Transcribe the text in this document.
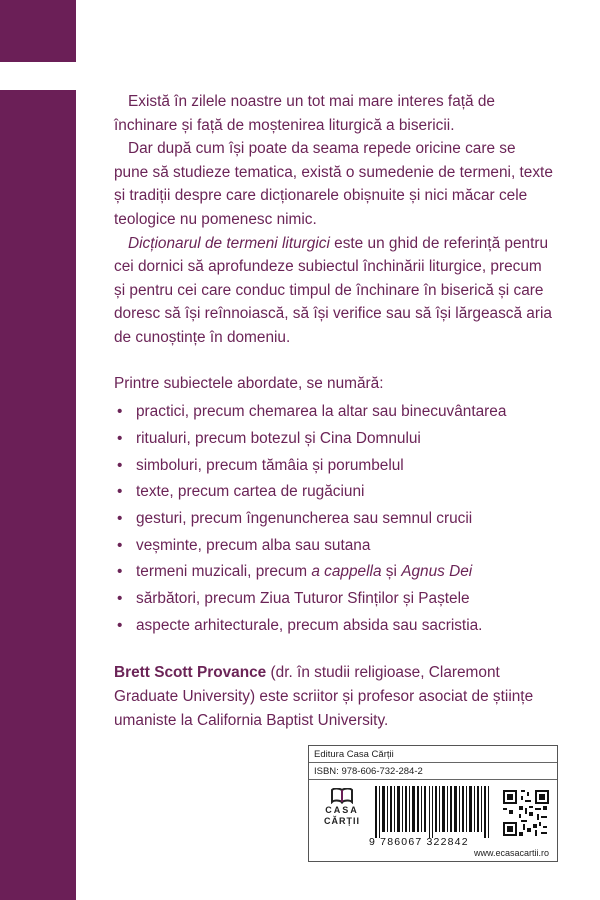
Există în zilele noastre un tot mai mare interes față de închinare și față de moștenirea liturgică a bisericii.

Dar după cum își poate da seama repede oricine care se pune să studieze tematica, există o sumedenie de termeni, texte și tradiții despre care dicționarele obișnuite și nici măcar cele teologice nu pomenesc nimic.

Dicționarul de termeni liturgici este un ghid de referință pentru cei dornici să aprofundeze subiectul închinării liturgice, precum și pentru cei care conduc timpul de închinare în biserică și care doresc să își reînnoiască, să își verifice sau să își lărgească aria de cunoștințe în domeniu.

Printre subiectele abordate, se numără:

• practici, precum chemarea la altar sau binecuvântarea
• ritualuri, precum botezul și Cina Domnului
• simboluri, precum tămâia și porumbelul
• texte, precum cartea de rugăciuni
• gesturi, precum îngenuncherea sau semnul crucii
• veșminte, precum alba sau sutana
• termeni muzicali, precum a cappella și Agnus Dei
• sărbători, precum Ziua Tuturor Sfinților și Paștele
• aspecte arhitecturale, precum absida sau sacristia.

Brett Scott Provance (dr. în studii religioase, Claremont Graduate University) este scriitor și profesor asociat de științe umaniste la California Baptist University.

Editura Casa Cărții
ISBN: 978-606-732-284-2
CASA
CĂRȚII
9 786067 322842
www.ecasacartii.ro
